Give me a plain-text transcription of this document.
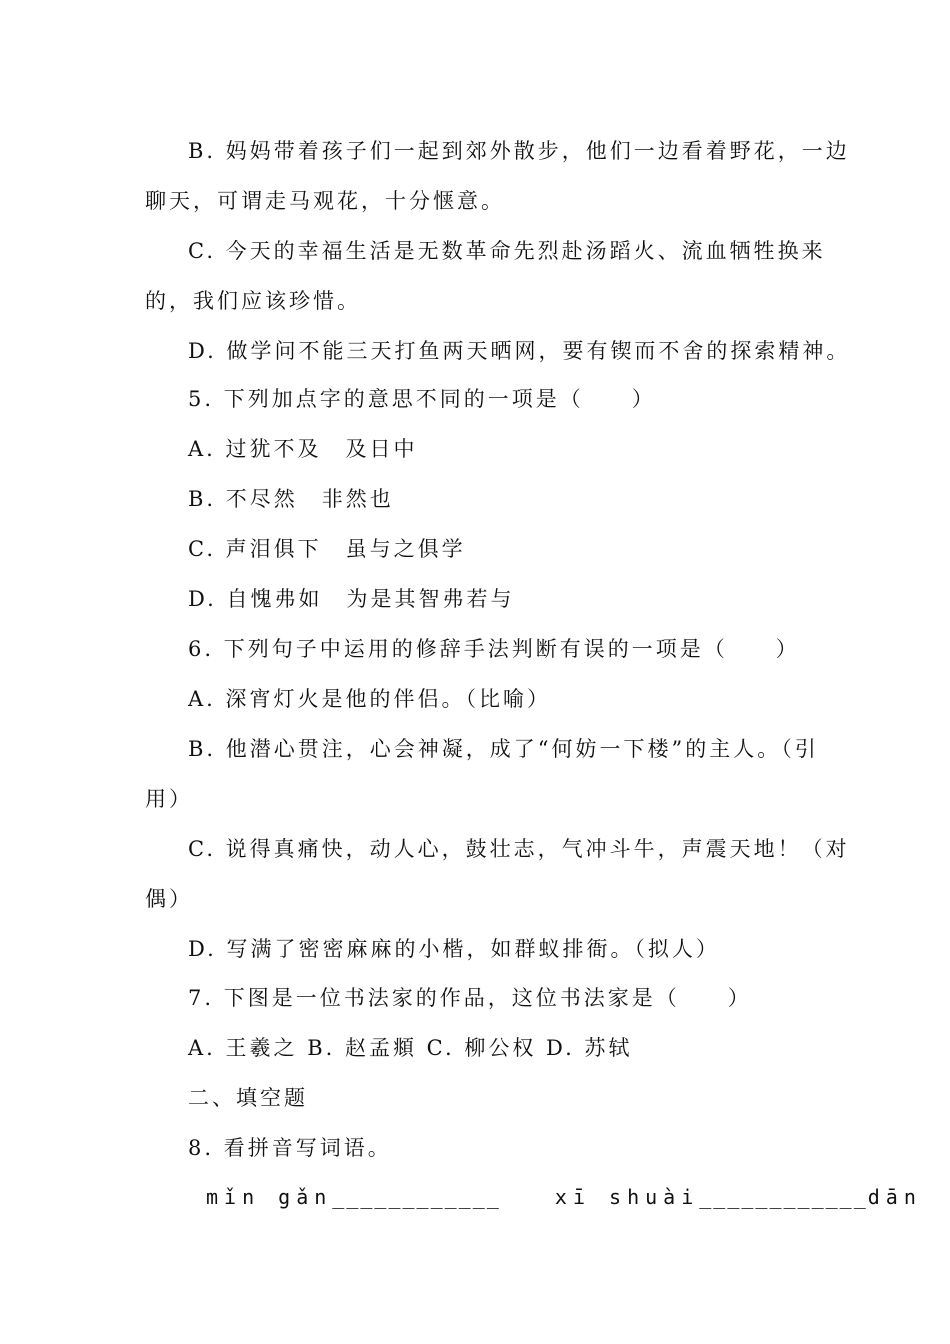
B. 妈妈带着孩子们一起到郊外散步，他们一边看着野花，一边
聊天，可谓走马观花，十分惬意。
C. 今天的幸福生活是无数革命先烈赴汤蹈火、流血牺牲换来
的，我们应该珍惜。
D. 做学问不能三天打鱼两天晒网，要有锲而不舍的探索精神。
5. 下列加点字的意思不同的一项是（　　）
A. 过犹不及　及日中
B. 不尽然　非然也
C. 声泪俱下　虽与之俱学
D. 自愧弗如　为是其智弗若与
6. 下列句子中运用的修辞手法判断有误的一项是（　　）
A. 深宵灯火是他的伴侣。（比喻）
B. 他潜心贯注，心会神凝，成了“何妨一下楼”的主人。（引
用）
C. 说得真痛快，动人心，鼓壮志，气冲斗牛，声震天地！（对
偶）
D. 写满了密密麻麻的小楷，如群蚁排衙。（拟人）
7. 下图是一位书法家的作品，这位书法家是（　　）
A. 王羲之 B. 赵孟頫 C. 柳公权 D. 苏轼
二、填空题
8. 看拼音写词语。
mǐn gǎn____________	xī shuài____________dān
